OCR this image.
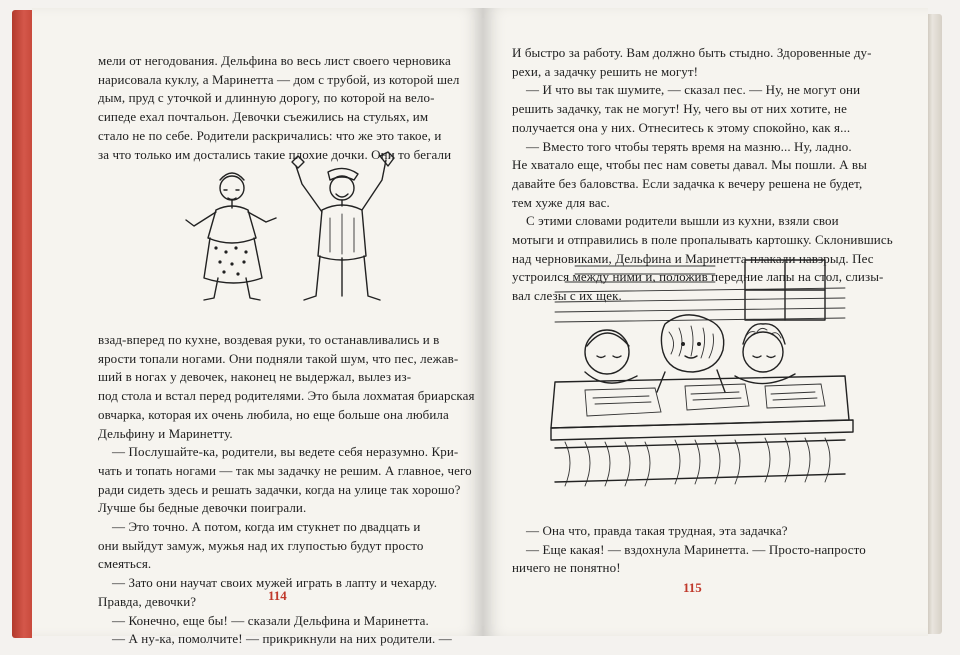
мели от негодования. Дельфина во весь лист своего черновика
нарисовала куклу, а Маринетта — дом с трубой, из которой шел
дым, пруд с уточкой и длинную дорогу, по которой на вело-
сипеде ехал почтальон. Девочки съежились на стульях, им
стало не по себе. Родители раскричались: что же это такое, и
за что только им достались такие плохие дочки. Они то бегали
взад-вперед по кухне, воздевая руки, то останавливались и в
ярости топали ногами. Они подняли такой шум, что пес, лежав-
ший в ногах у девочек, наконец не выдержал, вылез из-
под стола и встал перед родителями. Это была лохматая бриарская
овчарка, которая их очень любила, но еще больше она любила
Дельфину и Маринетту.
— Послушайте-ка, родители, вы ведете себя неразумно. Кри-
чать и топать ногами — так мы задачку не решим. А главное, чего
ради сидеть здесь и решать задачки, когда на улице так хорошо?
Лучше бы бедные девочки поиграли.
— Это точно. А потом, когда им стукнет по двадцать и
они выйдут замуж, мужья над их глупостью будут просто
смеяться.
— Зато они научат своих мужей играть в лапту и чехарду.
Правда, девочки?
— Конечно, еще бы! — сказали Дельфина и Маринетта.
— А ну-ка, помолчите! — прикрикнули на них родители. —
114
И быстро за работу. Вам должно быть стыдно. Здоровенные ду-
рехи, а задачку решить не могут!
— И что вы так шумите, — сказал пес. — Ну, не могут они
решить задачку, так не могут! Ну, чего вы от них хотите, не
получается она у них. Отнеситесь к этому спокойно, как я...
— Вместо того чтобы терять время на мазню... Ну, ладно.
Не хватало еще, чтобы пес нам советы давал. Мы пошли. А вы
давайте без баловства. Если задачка к вечеру решена не будет,
тем хуже для вас.
С этими словами родители вышли из кухни, взяли свои
мотыги и отправились в поле пропалывать картошку. Склонившись
над черновиками, Дельфина и Маринетта плакали навзрыд. Пес
устроился между ними и, положив передние лапы на стол, слизы-
вал слезы с их щек.
— Она что, правда такая трудная, эта задачка?
— Еще какая! — вздохнула Маринетта. — Просто-напросто
ничего не понятно!
115
